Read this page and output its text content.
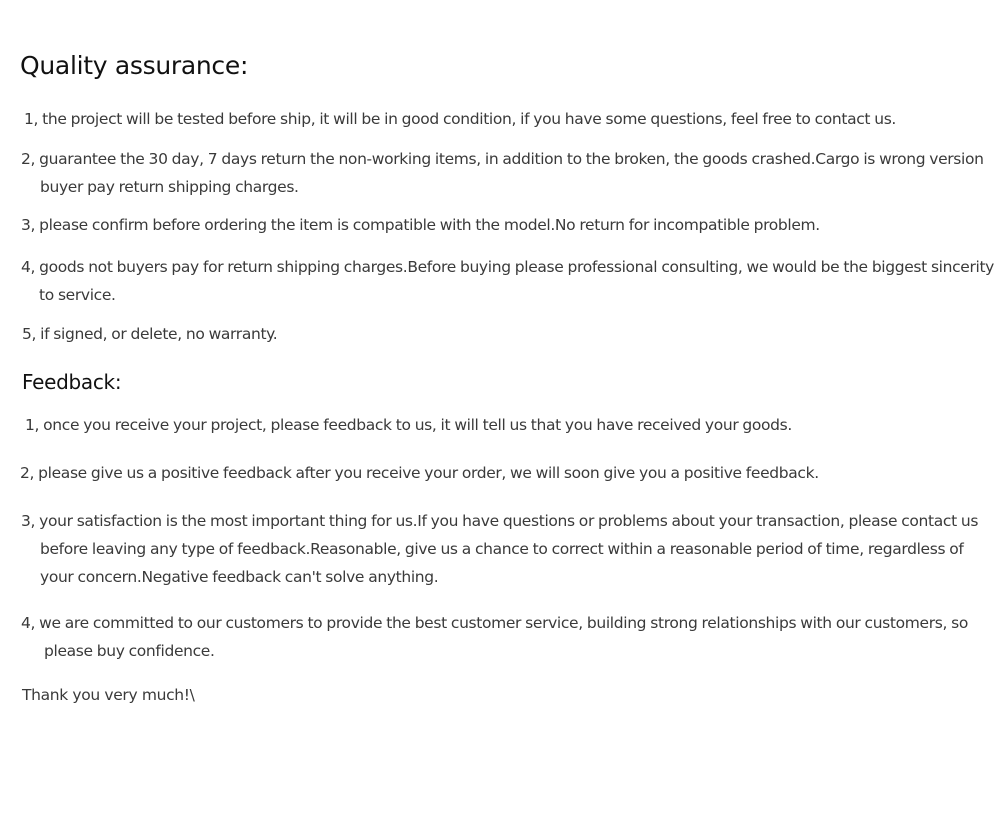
Quality assurance:

1, the project will be tested before ship, it will be in good condition, if you have some questions, feel free to contact us.

2, guarantee the 30 day, 7 days return the non-working items, in addition to the broken, the goods crashed.Cargo is wrong version
buyer pay return shipping charges.

3, please confirm before ordering the item is compatible with the model.No return for incompatible problem.

4, goods not buyers pay for return shipping charges.Before buying please professional consulting, we would be the biggest sincerity
to service.

5, if signed, or delete, no warranty.

Feedback:

1, once you receive your project, please feedback to us, it will tell us that you have received your goods.

2, please give us a positive feedback after you receive your order, we will soon give you a positive feedback.

3, your satisfaction is the most important thing for us.If you have questions or problems about your transaction, please contact us
before leaving any type of feedback.Reasonable, give us a chance to correct within a reasonable period of time, regardless of
your concern.Negative feedback can't solve anything.

4, we are committed to our customers to provide the best customer service, building strong relationships with our customers, so
please buy confidence.

Thank you very much!\
